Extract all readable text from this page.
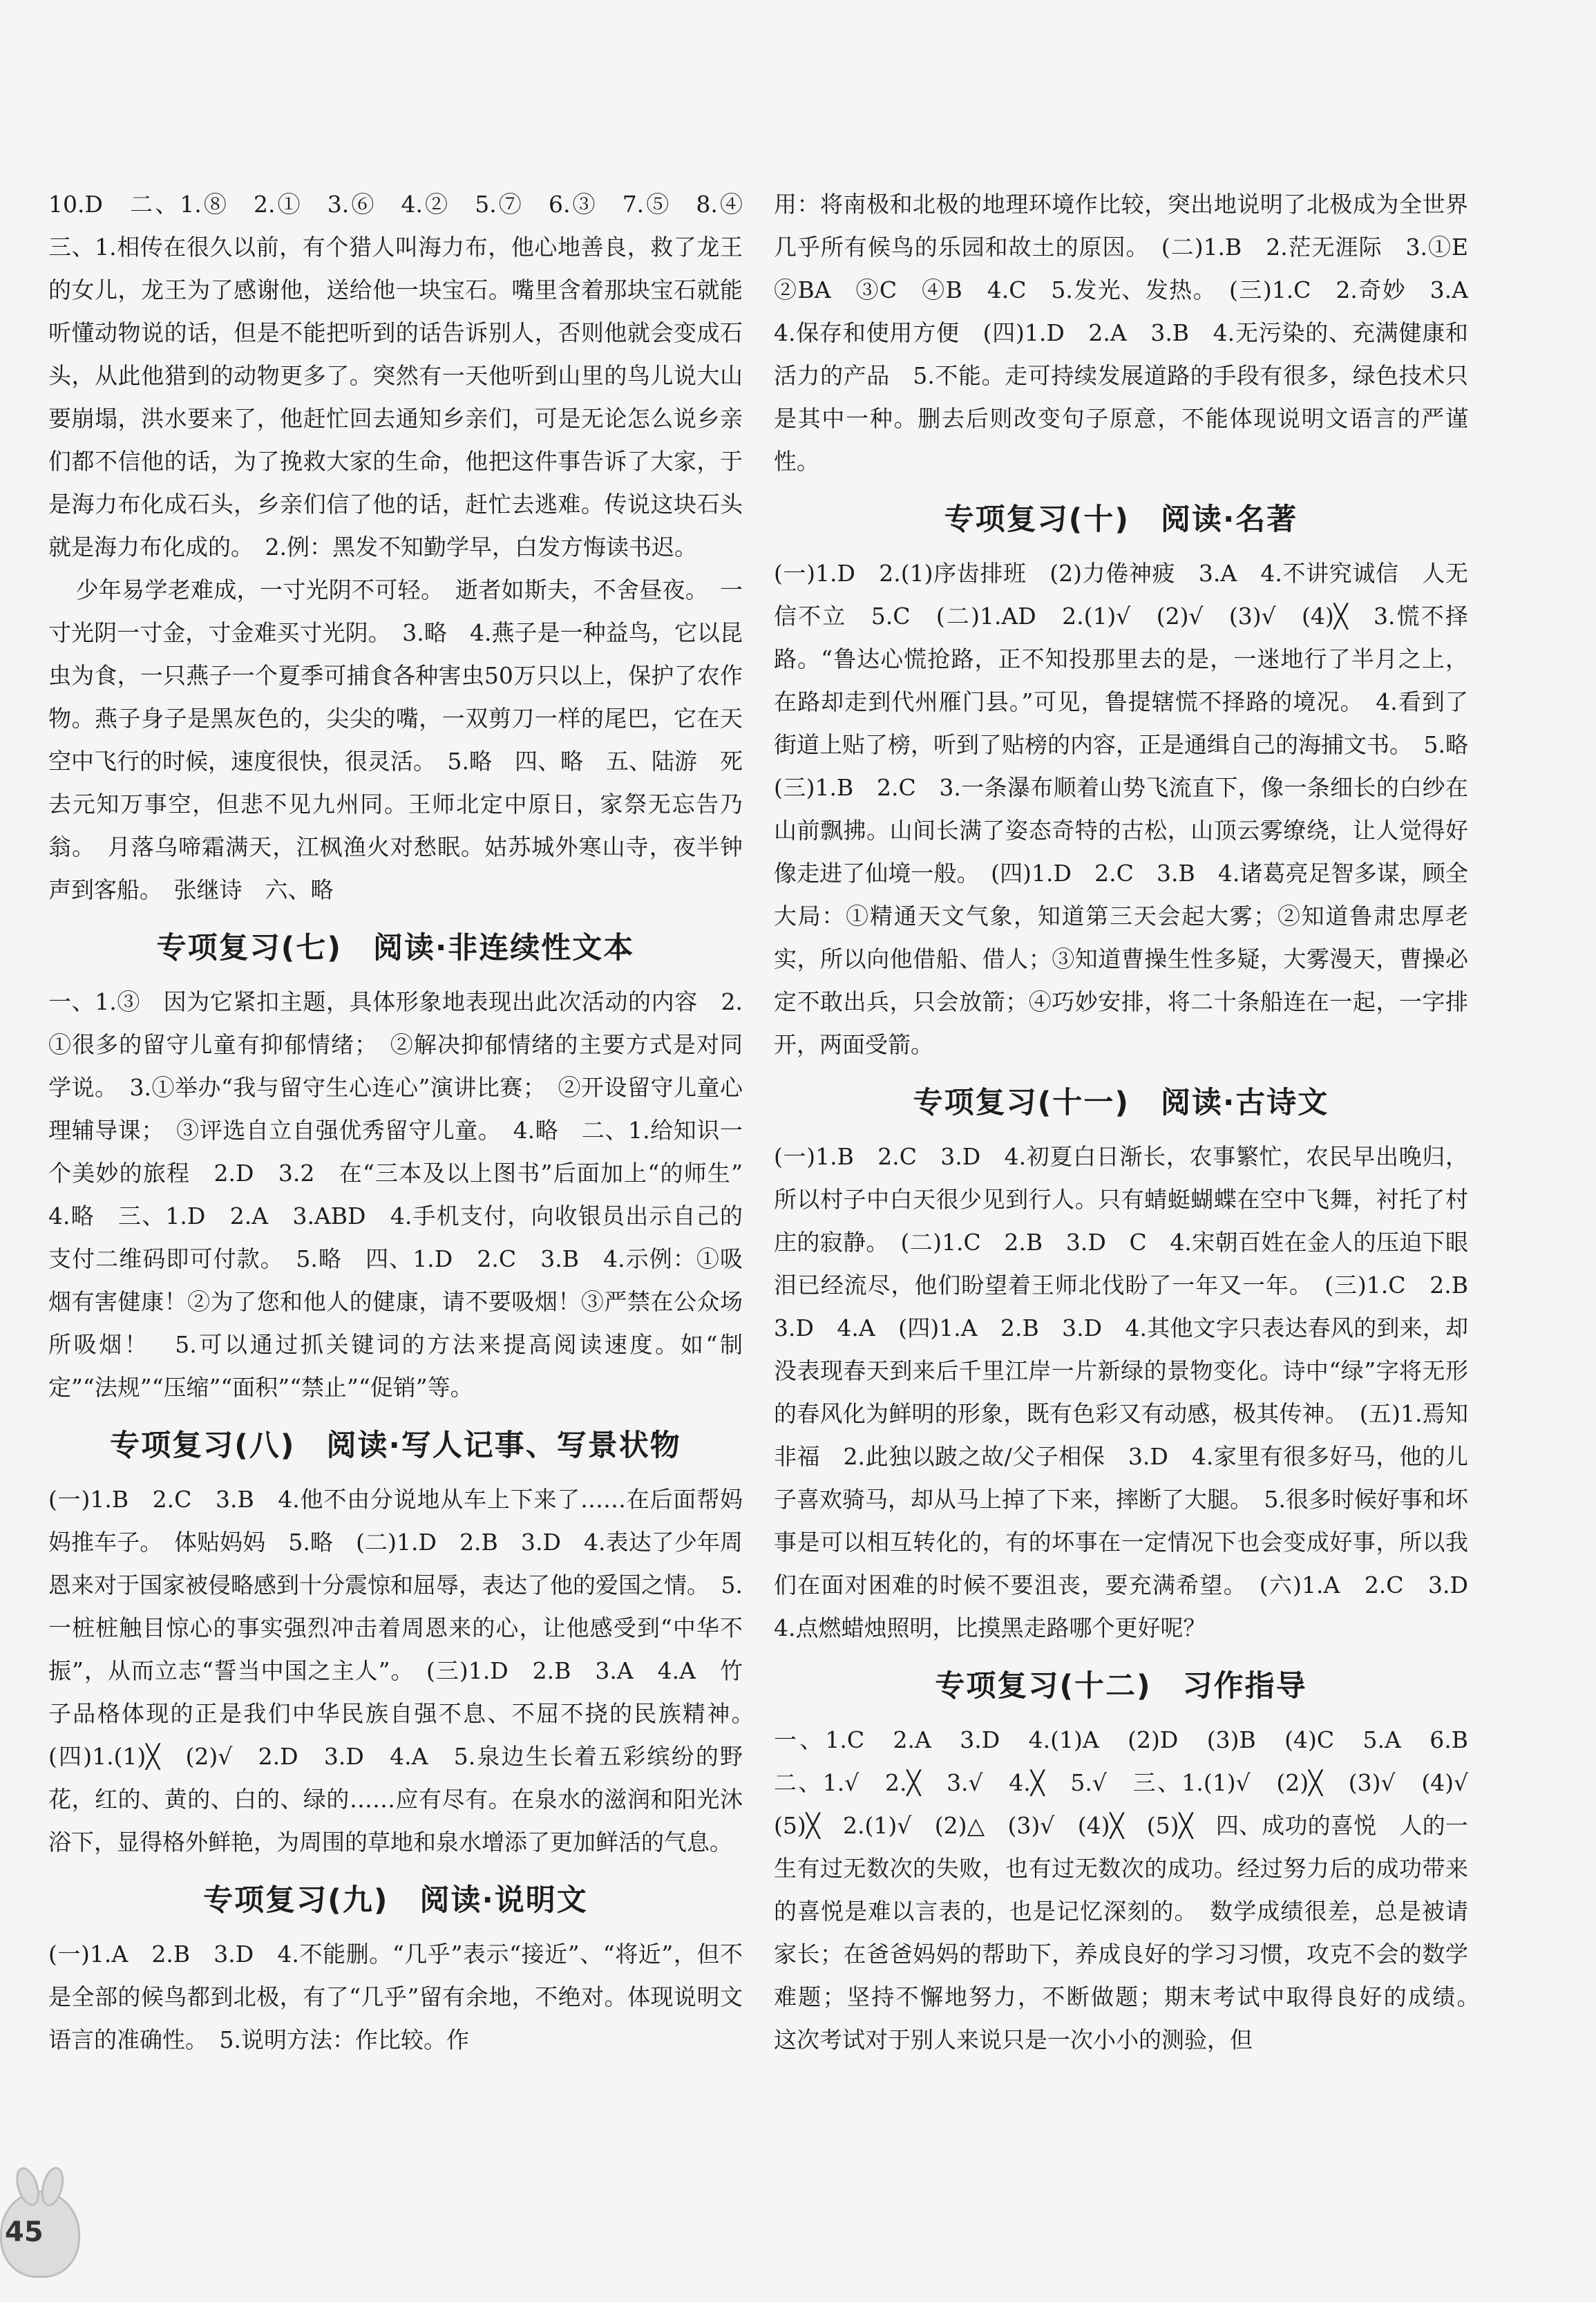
10.D　二、1.⑧　2.①　3.⑥　4.②　5.⑦　6.③　7.⑤　8.④　三、1.相传在很久以前，有个猎人叫海力布，他心地善良，救了龙王的女儿，龙王为了感谢他，送给他一块宝石。嘴里含着那块宝石就能听懂动物说的话，但是不能把听到的话告诉别人，否则他就会变成石头，从此他猎到的动物更多了。突然有一天他听到山里的鸟儿说大山要崩塌，洪水要来了，他赶忙回去通知乡亲们，可是无论怎么说乡亲们都不信他的话，为了挽救大家的生命，他把这件事告诉了大家，于是海力布化成石头，乡亲们信了他的话，赶忙去逃难。传说这块石头就是海力布化成的。　2.例：黑发不知勤学早，白发方悔读书迟。

少年易学老难成，一寸光阴不可轻。　逝者如斯夫，不舍昼夜。　一寸光阴一寸金，寸金难买寸光阴。　3.略　4.燕子是一种益鸟，它以昆虫为食，一只燕子一个夏季可捕食各种害虫50万只以上，保护了农作物。燕子身子是黑灰色的，尖尖的嘴，一双剪刀一样的尾巴，它在天空中飞行的时候，速度很快，很灵活。　5.略　四、略　五、陆游　死去元知万事空，但悲不见九州同。王师北定中原日，家祭无忘告乃翁。　月落乌啼霜满天，江枫渔火对愁眠。姑苏城外寒山寺，夜半钟声到客船。　张继诗　六、略

专项复习(七)　阅读·非连续性文本

一、1.③　因为它紧扣主题，具体形象地表现出此次活动的内容　2.①很多的留守儿童有抑郁情绪；　②解决抑郁情绪的主要方式是对同学说。　3.①举办“我与留守生心连心”演讲比赛；　②开设留守儿童心理辅导课；　③评选自立自强优秀留守儿童。　4.略　二、1.给知识一个美妙的旅程　2.D　3.2　在“三本及以上图书”后面加上“的师生”　4.略　三、1.D　2.A　3.ABD　4.手机支付，向收银员出示自己的支付二维码即可付款。　5.略　四、1.D　2.C　3.B　4.示例：①吸烟有害健康！②为了您和他人的健康，请不要吸烟！③严禁在公众场所吸烟！　5.可以通过抓关键词的方法来提高阅读速度。如“制定”“法规”“压缩”“面积”“禁止”“促销”等。

专项复习(八)　阅读·写人记事、写景状物

(一)1.B　2.C　3.B　4.他不由分说地从车上下来了……在后面帮妈妈推车子。　体贴妈妈　5.略　(二)1.D　2.B　3.D　4.表达了少年周恩来对于国家被侵略感到十分震惊和屈辱，表达了他的爱国之情。　5.一桩桩触目惊心的事实强烈冲击着周恩来的心，让他感受到“中华不振”，从而立志“誓当中国之主人”。　(三)1.D　2.B　3.A　4.A　竹子品格体现的正是我们中华民族自强不息、不屈不挠的民族精神。　(四)1.(1)╳　(2)√　2.D　3.D　4.A　5.泉边生长着五彩缤纷的野花，红的、黄的、白的、绿的……应有尽有。在泉水的滋润和阳光沐浴下，显得格外鲜艳，为周围的草地和泉水增添了更加鲜活的气息。

专项复习(九)　阅读·说明文

(一)1.A　2.B　3.D　4.不能删。“几乎”表示“接近”、“将近”，但不是全部的候鸟都到北极，有了“几乎”留有余地，不绝对。体现说明文语言的准确性。　5.说明方法：作比较。作

用：将南极和北极的地理环境作比较，突出地说明了北极成为全世界几乎所有候鸟的乐园和故土的原因。　(二)1.B　2.茫无涯际　3.①E　②BA　③C　④B　4.C　5.发光、发热。　(三)1.C　2.奇妙　3.A　4.保存和使用方便　(四)1.D　2.A　3.B　4.无污染的、充满健康和活力的产品　5.不能。走可持续发展道路的手段有很多，绿色技术只是其中一种。删去后则改变句子原意，不能体现说明文语言的严谨性。

专项复习(十)　阅读·名著

(一)1.D　2.(1)序齿排班　(2)力倦神疲　3.A　4.不讲究诚信　人无信不立　5.C　(二)1.AD　2.(1)√　(2)√　(3)√　(4)╳　3.慌不择路。“鲁达心慌抢路，正不知投那里去的是，一迷地行了半月之上，在路却走到代州雁门县。”可见，鲁提辖慌不择路的境况。　4.看到了街道上贴了榜，听到了贴榜的内容，正是通缉自己的海捕文书。　5.略　(三)1.B　2.C　3.一条瀑布顺着山势飞流直下，像一条细长的白纱在山前飘拂。山间长满了姿态奇特的古松，山顶云雾缭绕，让人觉得好像走进了仙境一般。　(四)1.D　2.C　3.B　4.诸葛亮足智多谋，顾全大局：①精通天文气象，知道第三天会起大雾；②知道鲁肃忠厚老实，所以向他借船、借人；③知道曹操生性多疑，大雾漫天，曹操必定不敢出兵，只会放箭；④巧妙安排，将二十条船连在一起，一字排开，两面受箭。

专项复习(十一)　阅读·古诗文

(一)1.B　2.C　3.D　4.初夏白日渐长，农事繁忙，农民早出晚归，所以村子中白天很少见到行人。只有蜻蜓蝴蝶在空中飞舞，衬托了村庄的寂静。　(二)1.C　2.B　3.D　C　4.宋朝百姓在金人的压迫下眼泪已经流尽，他们盼望着王师北伐盼了一年又一年。　(三)1.C　2.B　3.D　4.A　(四)1.A　2.B　3.D　4.其他文字只表达春风的到来，却没表现春天到来后千里江岸一片新绿的景物变化。诗中“绿”字将无形的春风化为鲜明的形象，既有色彩又有动感，极其传神。　(五)1.焉知非福　2.此独以跛之故/父子相保　3.D　4.家里有很多好马，他的儿子喜欢骑马，却从马上掉了下来，摔断了大腿。　5.很多时候好事和坏事是可以相互转化的，有的坏事在一定情况下也会变成好事，所以我们在面对困难的时候不要沮丧，要充满希望。　(六)1.A　2.C　3.D　4.点燃蜡烛照明，比摸黑走路哪个更好呢？

专项复习(十二)　习作指导

一、1.C　2.A　3.D　4.(1)A　(2)D　(3)B　(4)C　5.A　6.B　二、1.√　2.╳　3.√　4.╳　5.√　三、1.(1)√　(2)╳　(3)√　(4)√　(5)╳　2.(1)√　(2)△　(3)√　(4)╳　(5)╳　四、成功的喜悦　人的一生有过无数次的失败，也有过无数次的成功。经过努力后的成功带来的喜悦是难以言表的，也是记忆深刻的。　数学成绩很差，总是被请家长；在爸爸妈妈的帮助下，养成良好的学习习惯，攻克不会的数学难题；坚持不懈地努力，不断做题；期末考试中取得良好的成绩。　这次考试对于别人来说只是一次小小的测验，但

45
